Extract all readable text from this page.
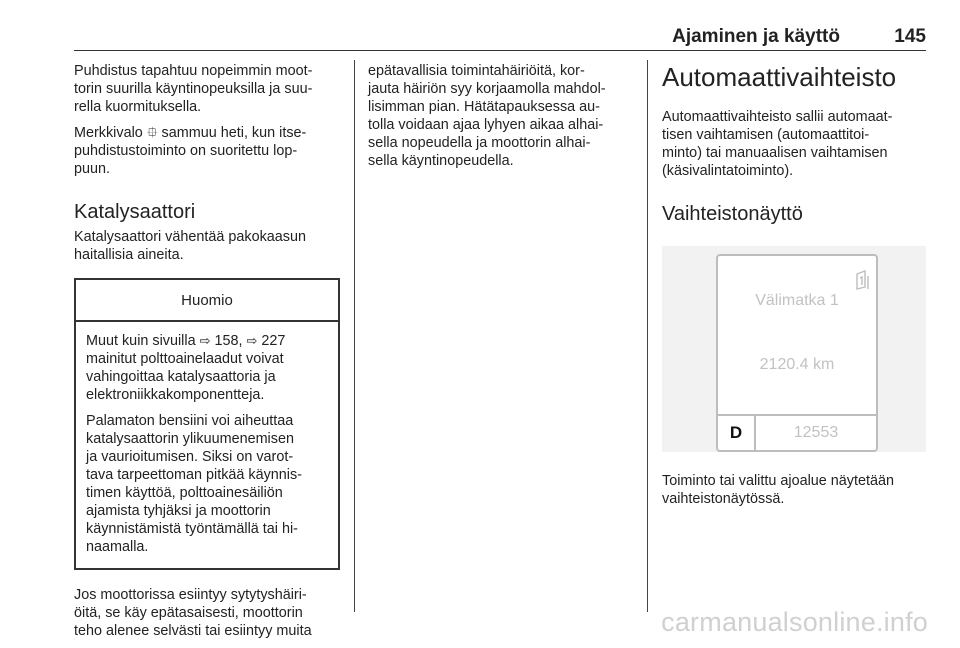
Ajaminen ja käyttö	145

Puhdistus tapahtuu nopeimmin moot-
torin suurilla käyntinopeuksilla ja suu-
rella kuormituksella.

Merkkivalo ⯐ sammuu heti, kun itse-
puhdistustoiminto on suoritettu lop-
puun.

Katalysaattori

Katalysaattori vähentää pakokaasun
haitallisia aineita.

Huomio

Muut kuin sivuilla ⇨ 158, ⇨ 227
mainitut polttoainelaadut voivat
vahingoittaa katalysaattoria ja
elektroniikkakomponentteja.

Palamaton bensiini voi aiheuttaa
katalysaattorin ylikuumenemisen
ja vaurioitumisen. Siksi on varot-
tava tarpeettoman pitkää käynnis-
timen käyttöä, polttoainesäiliön
ajamista tyhjäksi ja moottorin
käynnistämistä työntämällä tai hi-
naamalla.

Jos moottorissa esiintyy sytytyshäiri-
öitä, se käy epätasaisesti, moottorin
teho alenee selvästi tai esiintyy muita

epätavallisia toimintahäiriöitä, kor-
jauta häiriön syy korjaamolla mahdol-
lisimman pian. Hätätapauksessa au-
tolla voidaan ajaa lyhyen aikaa alhai-
sella nopeudella ja moottorin alhai-
sella käyntinopeudella.

Automaattivaihteisto

Automaattivaihteisto sallii automaat-
tisen vaihtamisen (automaattitoi-
minto) tai manuaalisen vaihtamisen
(käsivalintatoiminto).

Vaihteistonäyttö
Välimatka 1
2120.4 km
D	12553

Toiminto tai valittu ajoalue näytetään
vaihteistonäytössä.

carmanualsonline.info
